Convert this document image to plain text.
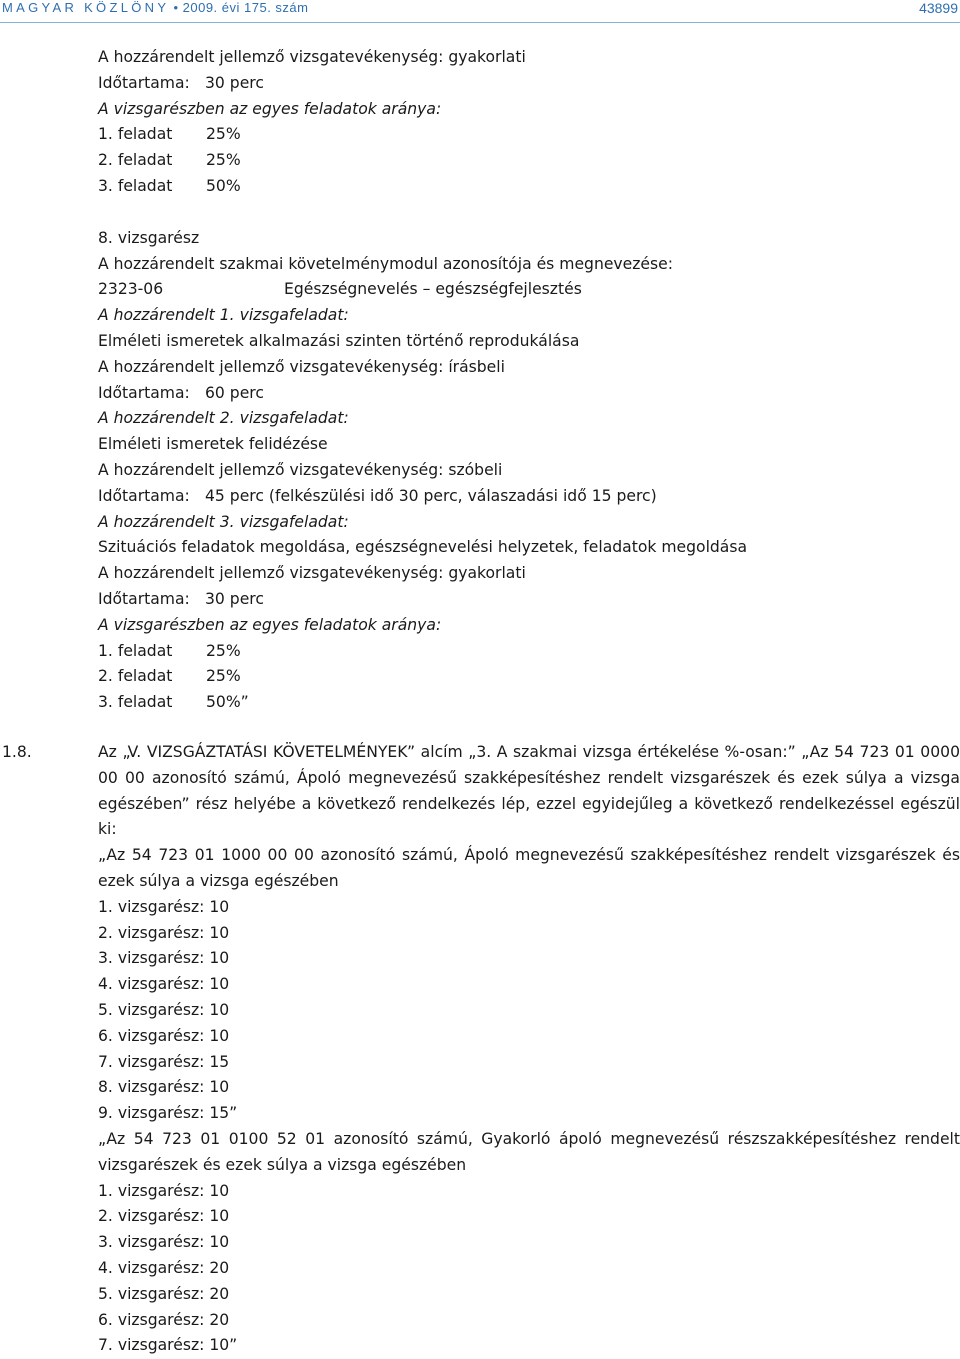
MAGYAR KÖZLÖNY • 2009. évi 175. szám	43899
A hozzárendelt jellemző vizsgatevékenység: gyakorlati
Időtartama: 30 perc
A vizsgarészben az egyes feladatok aránya:
1. feladat 25%
2. feladat 25%
3. feladat 50%
8. vizsgarész
A hozzárendelt szakmai követelménymodul azonosítója és megnevezése:
2323-06	Egészségnevelés – egészségfejlesztés
A hozzárendelt 1. vizsgafeladat:
Elméleti ismeretek alkalmazási szinten történő reprodukálása
A hozzárendelt jellemző vizsgatevékenység: írásbeli
Időtartama: 60 perc
A hozzárendelt 2. vizsgafeladat:
Elméleti ismeretek felidézése
A hozzárendelt jellemző vizsgatevékenység: szóbeli
Időtartama: 45 perc (felkészülési idő 30 perc, válaszadási idő 15 perc)
A hozzárendelt 3. vizsgafeladat:
Szituációs feladatok megoldása, egészségnevelési helyzetek, feladatok megoldása
A hozzárendelt jellemző vizsgatevékenység: gyakorlati
Időtartama: 30 perc
A vizsgarészben az egyes feladatok aránya:
1. feladat 25%
2. feladat 25%
3. feladat 50%”
1.8.	Az „V. VIZSGÁZTATÁSI KÖVETELMÉNYEK” alcím „3. A szakmai vizsga értékelése %-osan:” „Az 54 723 01 0000 00 00 azonosító számú, Ápoló megnevezésű szakképesítéshez rendelt vizsgarészek és ezek súlya a vizsga egészében” rész helyébe a következő rendelkezés lép, ezzel egyidejűleg a következő rendelkezéssel egészül ki:
„Az 54 723 01 1000 00 00 azonosító számú, Ápoló megnevezésű szakképesítéshez rendelt vizsgarészek és ezek súlya a vizsga egészében
1. vizsgarész: 10
2. vizsgarész: 10
3. vizsgarész: 10
4. vizsgarész: 10
5. vizsgarész: 10
6. vizsgarész: 10
7. vizsgarész: 15
8. vizsgarész: 10
9. vizsgarész: 15”
„Az 54 723 01 0100 52 01 azonosító számú, Gyakorló ápoló megnevezésű részszakképesítéshez rendelt vizsgarészek és ezek súlya a vizsga egészében
1. vizsgarész: 10
2. vizsgarész: 10
3. vizsgarész: 10
4. vizsgarész: 20
5. vizsgarész: 20
6. vizsgarész: 20
7. vizsgarész: 10”
